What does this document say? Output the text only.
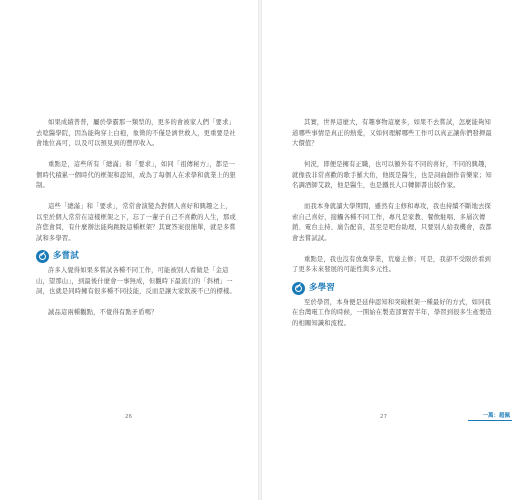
如果成績普普，屬於學霸那一類型的，更多的會被家人們「要求」去唸醫學院，因為能夠穿上白袍，象徵的不僅是濟世救人，更重要是社會地位高可，以及可以預見到的豐厚收入。

重點是，這些所有「總滿」和「要求」，如同「祖傳秘方」，都是一個時代積累一個時代的框架和認知，成為了每個人在求學和就業上的狠制。

這些「總滿」和「要求」，常常會演變為對個人喜好和興趣之上，以至於個人常常在這樣框架之下，忘了一輩子自己不喜歡的人生，那或許您會問，有什麼辦法能夠跳脫這種框架？其實答案很簡單，就是多嘗試和多學習。

多嘗試

許多人覺得如果多嘗試各種不同工作，可能被別人看做是「金這山，望那山」，到最後什麼會一事無成，但觀時下最流行的「斜槓」一詞，也就是同時擁有很多種不同技能，反而是讓大家欽羨不已的標樣。

誠品這兩種觀點，不覺得有點矛盾嗎？

26

其實，世界這麼大，有趣事物這麼多，如果不去嘗試，怎麼能夠知道哪些事情是真正的熱愛，又如何理解哪些工作可以真正讓你們發揮最大價值？

何況，即便是擁有正職，也可以額外有不同的喜好，不同的興趣，就像我非常喜歡的歌手羅大佑，他既是醫生，也是詞曲創作音樂家；知名調酒師艾敦，他是醫生，也是鐵長人口轉師書出版作家。

而我本身就讀大學期間，雖然有主修和專攻，我也持續不斷地去探索自己喜好，接觸各種不同工作，專凡是家教、餐飲駐唱、多層次傳銷、電台主持、廣告配音，甚至是吧台助理，只要別人給我機會，我都會去嘗試試。

重點是，我也沒有放棄學業，荒廢主修；可是，我卻不受限於看到了更多未來發展的可能性與多元性。

多學習

至於學習，本身便是延伸認知和突破框架一種最好的方式，如同我在台灣電工作的時候，一開始在製造部實習半年，學習到很多生產製造的相關知識和流程。

27	一萬：超佩
